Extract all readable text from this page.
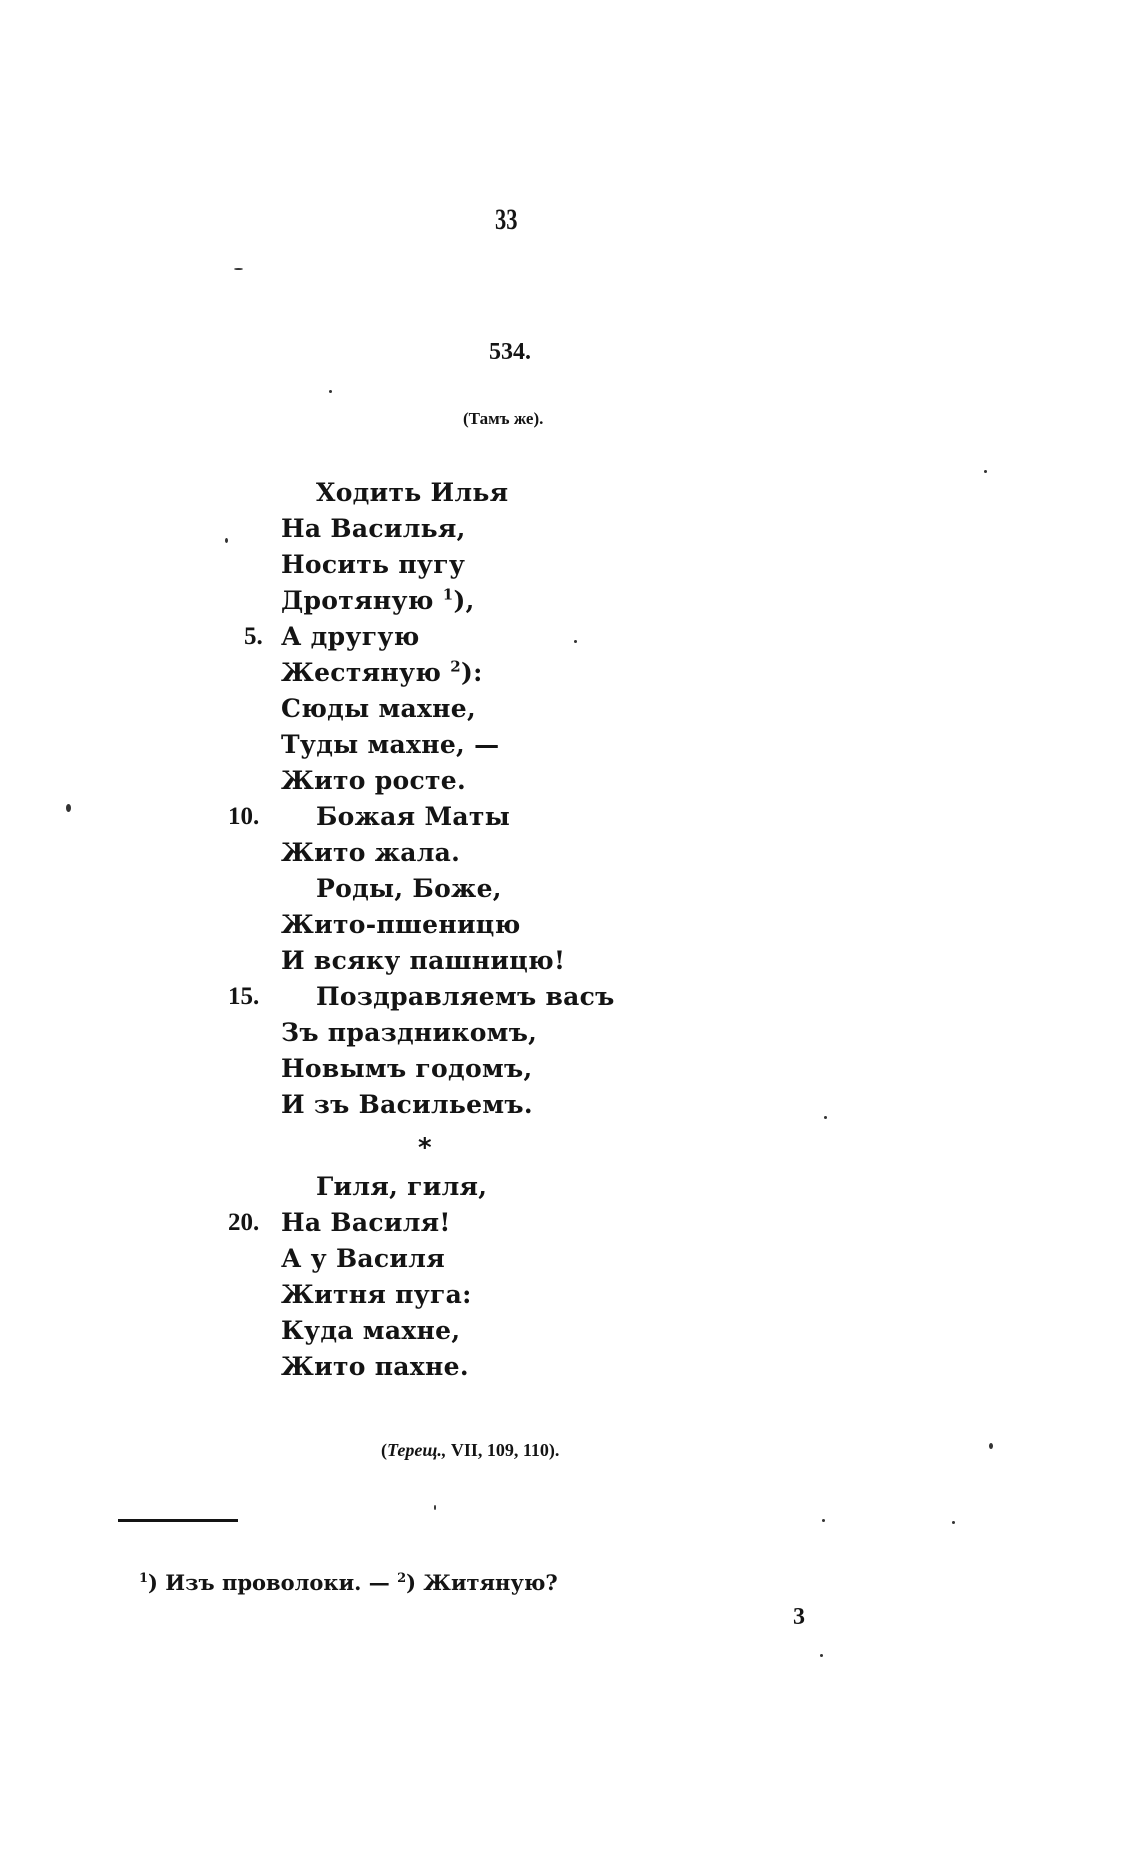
33
534.
(Тамъ же).
Ходить Илья
На Василья,
Носить пугу
Дротяную $^1$),
5. А другую
Жестяную $^2$):
Сюды махне,
Туды махне, —
Жито росте.
10. Божая Маты
Жито жала.
Роды, Боже,
Жито-пшеницю
И всяку пашницю!
15. Поздравляемъ васъ
Зъ праздникомъ,
Новымъ годомъ,
И зъ Васильемъ.
Гиля, гиля,
20. На Василя!
А у Василя
Житня пуга:
Куда махне,
Жито пахне.
*
(Терещ., VII, 109, 110).
$^1$) Изъ проволоки. — $^2$) Житяную?
3
